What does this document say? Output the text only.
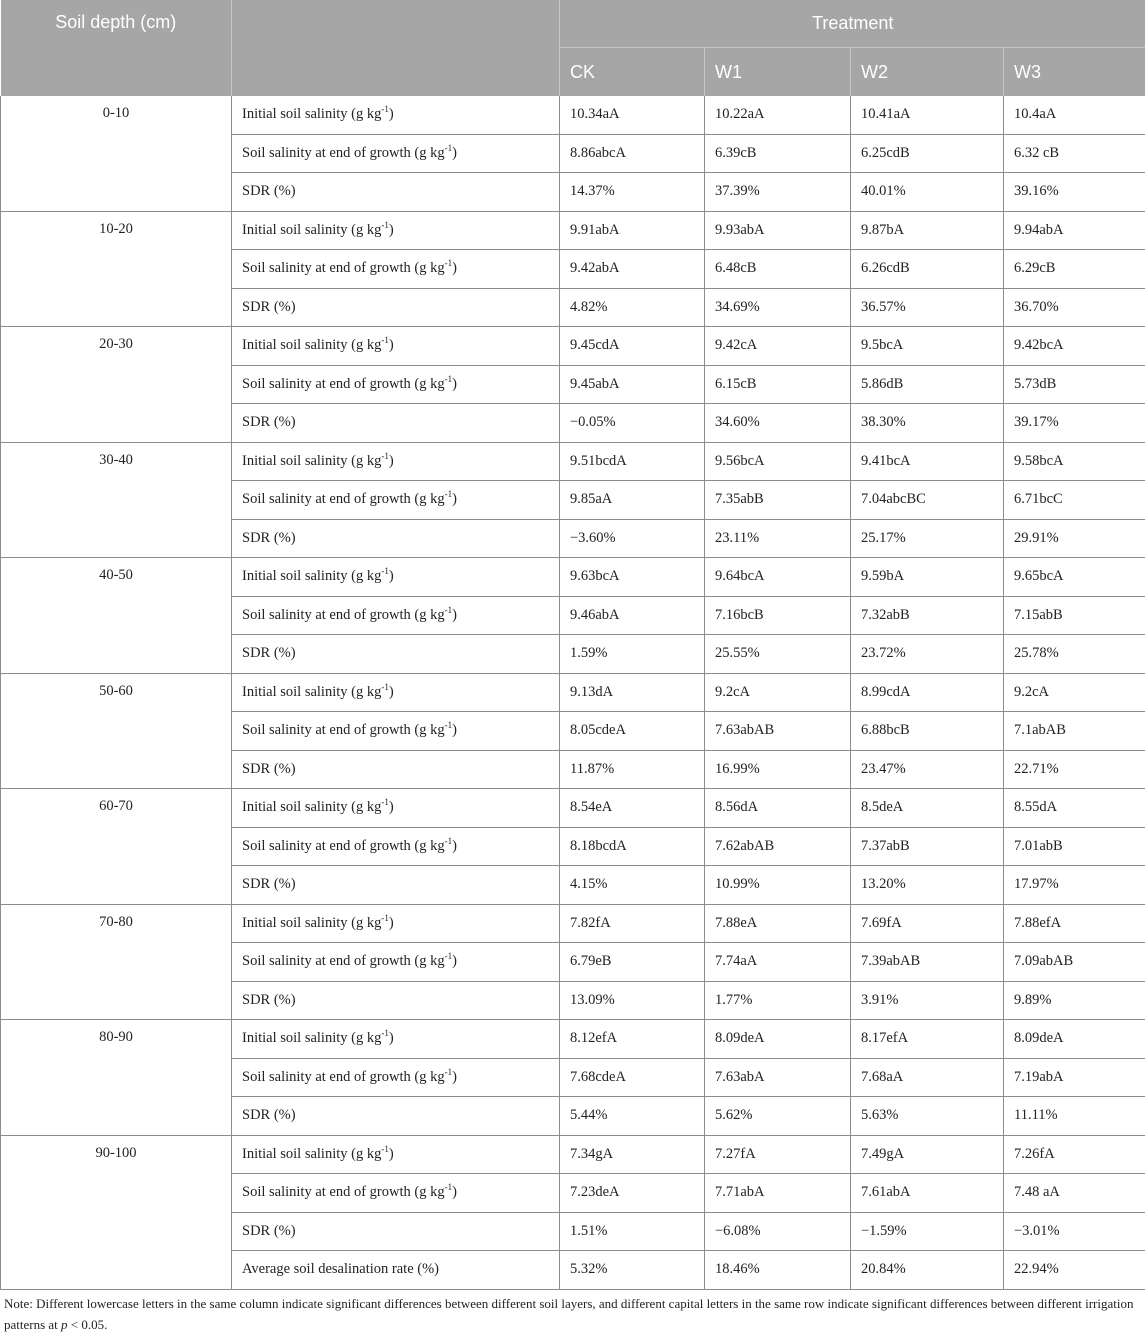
Soil depth (cm)		Treatment			
		CK	W1	W2	W3
0-10	Initial soil salinity (g $kg^{-1}$)	10.34aA	10.22aA	10.41aA	10.4aA
	Soil salinity at end of growth (g $kg^{-1}$)	8.86abcA	6.39cB	6.25cdB	6.32 cB
	SDR (%)	14.37%	37.39%	40.01%	39.16%
10-20	Initial soil salinity (g $kg^{-1}$)	9.91abA	9.93abA	9.87bA	9.94abA
	Soil salinity at end of growth (g $kg^{-1}$)	9.42abA	6.48cB	6.26cdB	6.29cB
	SDR (%)	4.82%	34.69%	36.57%	36.70%
20-30	Initial soil salinity (g $kg^{-1}$)	9.45cdA	9.42cA	9.5bcA	9.42bcA
	Soil salinity at end of growth (g $kg^{-1}$)	9.45abA	6.15cB	5.86dB	5.73dB
	SDR (%)	−0.05%	34.60%	38.30%	39.17%
30-40	Initial soil salinity (g $kg^{-1}$)	9.51bcdA	9.56bcA	9.41bcA	9.58bcA
	Soil salinity at end of growth (g $kg^{-1}$)	9.85aA	7.35abB	7.04abcBC	6.71bcC
	SDR (%)	−3.60%	23.11%	25.17%	29.91%
40-50	Initial soil salinity (g $kg^{-1}$)	9.63bcA	9.64bcA	9.59bA	9.65bcA
	Soil salinity at end of growth (g $kg^{-1}$)	9.46abA	7.16bcB	7.32abB	7.15abB
	SDR (%)	1.59%	25.55%	23.72%	25.78%
50-60	Initial soil salinity (g $kg^{-1}$)	9.13dA	9.2cA	8.99cdA	9.2cA
	Soil salinity at end of growth (g $kg^{-1}$)	8.05cdeA	7.63abAB	6.88bcB	7.1abAB
	SDR (%)	11.87%	16.99%	23.47%	22.71%
60-70	Initial soil salinity (g $kg^{-1}$)	8.54eA	8.56dA	8.5deA	8.55dA
	Soil salinity at end of growth (g $kg^{-1}$)	8.18bcdA	7.62abAB	7.37abB	7.01abB
	SDR (%)	4.15%	10.99%	13.20%	17.97%
70-80	Initial soil salinity (g $kg^{-1}$)	7.82fA	7.88eA	7.69fA	7.88efA
	Soil salinity at end of growth (g $kg^{-1}$)	6.79eB	7.74aA	7.39abAB	7.09abAB
	SDR (%)	13.09%	1.77%	3.91%	9.89%
80-90	Initial soil salinity (g $kg^{-1}$)	8.12efA	8.09deA	8.17efA	8.09deA
	Soil salinity at end of growth (g $kg^{-1}$)	7.68cdeA	7.63abA	7.68aA	7.19abA
	SDR (%)	5.44%	5.62%	5.63%	11.11%
90-100	Initial soil salinity (g $kg^{-1}$)	7.34gA	7.27fA	7.49gA	7.26fA
	Soil salinity at end of growth (g $kg^{-1}$)	7.23deA	7.71abA	7.61abA	7.48 aA
	SDR (%)	1.51%	−6.08%	−1.59%	−3.01%
	Average soil desalination rate (%)	5.32%	18.46%	20.84%	22.94%
Note: Different lowercase letters in the same column indicate significant differences between different soil layers, and different capital letters in the same row indicate significant differences between different irrigation patterns at p < 0.05.
